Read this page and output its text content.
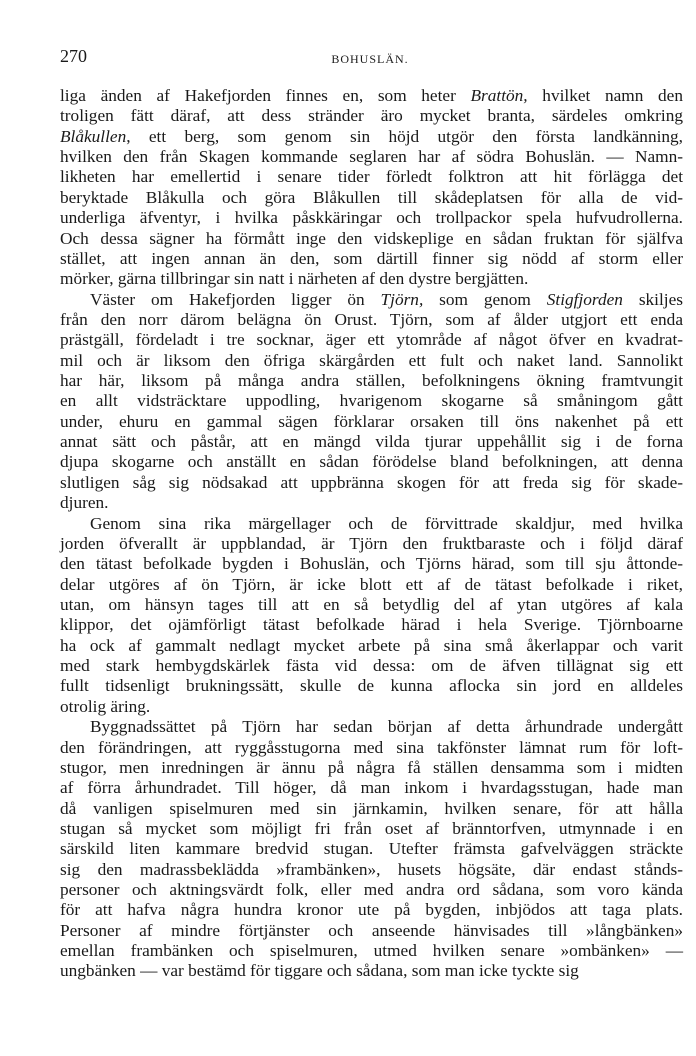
270	BOHUSLÄN.
liga änden af Hakefjorden finnes en, som heter Brattön, hvilket namn den
troligen fätt däraf, att dess stränder äro mycket branta, särdeles omkring
Blåkullen, ett berg, som genom sin höjd utgör den första landkänning,
hvilken den från Skagen kommande seglaren har af södra Bohuslän. — Namn-
likheten har emellertid i senare tider förledt folktron att hit förlägga det
beryktade Blåkulla och göra Blåkullen till skådeplatsen för alla de vid-
underliga äfventyr, i hvilka påskkäringar och trollpackor spela hufvudrollerna.
Och dessa sägner ha förmått inge den vidskeplige en sådan fruktan för själfva
stället, att ingen annan än den, som därtill finner sig nödd af storm eller
mörker, gärna tillbringar sin natt i närheten af den dystre bergjätten.
Väster om Hakefjorden ligger ön Tjörn, som genom Stigfjorden skiljes
från den norr därom belägna ön Orust. Tjörn, som af ålder utgjort ett enda
prästgäll, fördeladt i tre socknar, äger ett ytområde af något öfver en kvadrat-
mil och är liksom den öfriga skärgården ett fult och naket land. Sannolikt
har här, liksom på många andra ställen, befolkningens ökning framtvungit
en allt vidsträcktare uppodling, hvarigenom skogarne så småningom gått
under, ehuru en gammal sägen förklarar orsaken till öns nakenhet på ett
annat sätt och påstår, att en mängd vilda tjurar uppehållit sig i de forna
djupa skogarne och anställt en sådan förödelse bland befolkningen, att denna
slutligen såg sig nödsakad att uppbränna skogen för att freda sig för skade-
djuren.
Genom sina rika märgellager och de förvittrade skaldjur, med hvilka
jorden öfverallt är uppblandad, är Tjörn den fruktbaraste och i följd däraf
den tätast befolkade bygden i Bohuslän, och Tjörns härad, som till sju åttonde-
delar utgöres af ön Tjörn, är icke blott ett af de tätast befolkade i riket,
utan, om hänsyn tages till att en så betydlig del af ytan utgöres af kala
klippor, det ojämförligt tätast befolkade härad i hela Sverige. Tjörnboarne
ha ock af gammalt nedlagt mycket arbete på sina små åkerlappar och varit
med stark hembygdskärlek fästa vid dessa: om de äfven tillägnat sig ett
fullt tidsenligt brukningssätt, skulle de kunna aflocka sin jord en alldeles
otrolig äring.
Byggnadssättet på Tjörn har sedan början af detta århundrade undergått
den förändringen, att ryggåsstugorna med sina takfönster lämnat rum för loft-
stugor, men inredningen är ännu på några få ställen densamma som i midten
af förra århundradet. Till höger, då man inkom i hvardagsstugan, hade man
då vanligen spiselmuren med sin järnkamin, hvilken senare, för att hålla
stugan så mycket som möjligt fri från oset af bränntorfven, utmynnade i en
särskild liten kammare bredvid stugan. Utefter främsta gafvelväggen sträckte
sig den madrassbeklädda »frambänken», husets högsäte, där endast stånds-
personer och aktningsvärdt folk, eller med andra ord sådana, som voro kända
för att hafva några hundra kronor ute på bygden, inbjödos att taga plats.
Personer af mindre förtjänster och anseende hänvisades till »långbänken»
emellan frambänken och spiselmuren, utmed hvilken senare »ombänken» —
ungbänken — var bestämd för tiggare och sådana, som man icke tyckte sig
